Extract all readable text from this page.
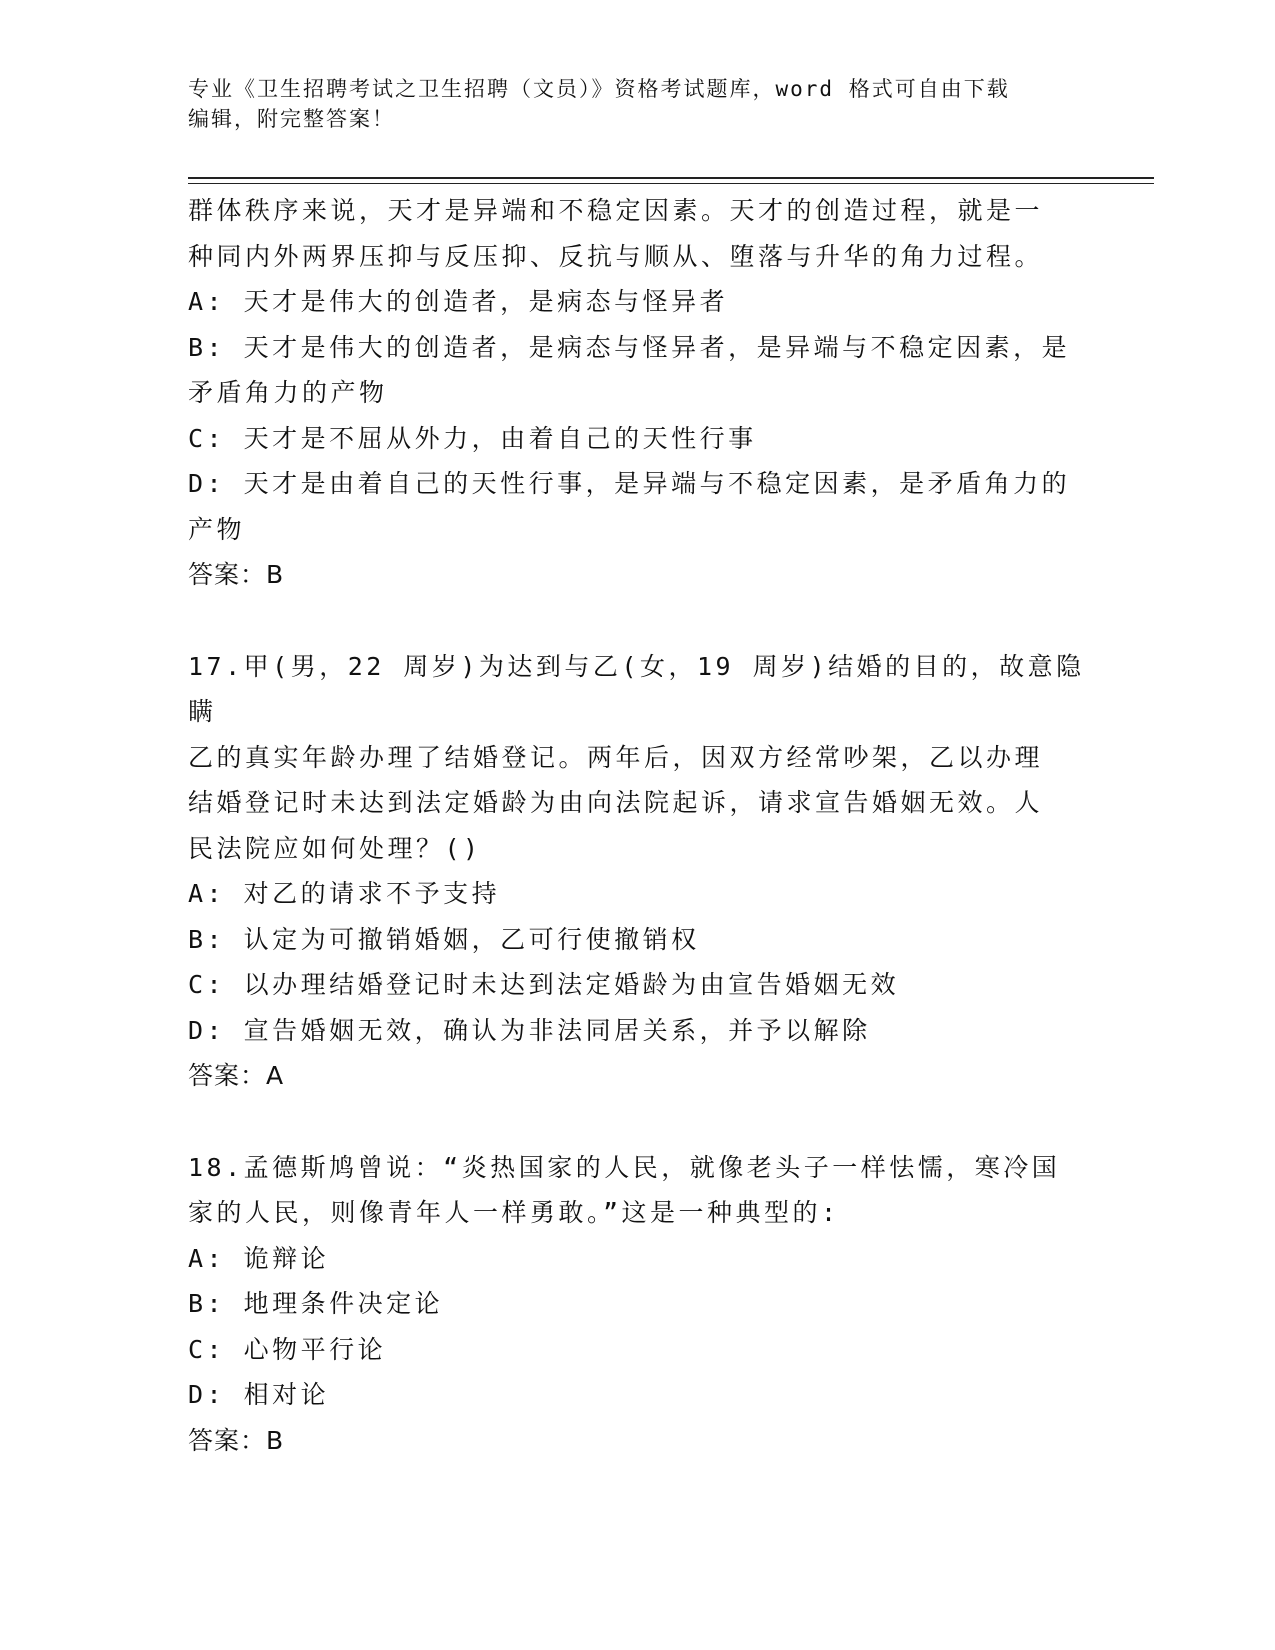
专业《卫生招聘考试之卫生招聘（文员）》资格考试题库，word 格式可自由下载
编辑，附完整答案！

群体秩序来说，天才是异端和不稳定因素。天才的创造过程，就是一

种同内外两界压抑与反压抑、反抗与顺从、堕落与升华的角力过程。

A: 天才是伟大的创造者，是病态与怪异者

B: 天才是伟大的创造者，是病态与怪异者，是异端与不稳定因素，是

矛盾角力的产物

C: 天才是不屈从外力，由着自己的天性行事

D: 天才是由着自己的天性行事，是异端与不稳定因素，是矛盾角力的

产物

答案：B

17.甲(男，22 周岁)为达到与乙(女，19 周岁)结婚的目的，故意隐瞒

乙的真实年龄办理了结婚登记。两年后，因双方经常吵架，乙以办理

结婚登记时未达到法定婚龄为由向法院起诉，请求宣告婚姻无效。人

民法院应如何处理？()

A: 对乙的请求不予支持

B: 认定为可撤销婚姻，乙可行使撤销权

C: 以办理结婚登记时未达到法定婚龄为由宣告婚姻无效

D: 宣告婚姻无效，确认为非法同居关系，并予以解除

答案：A

18.孟德斯鸠曾说：“炎热国家的人民，就像老头子一样怯懦，寒冷国

家的人民，则像青年人一样勇敢。”这是一种典型的:

A: 诡辩论

B: 地理条件决定论

C: 心物平行论

D: 相对论

答案：B
